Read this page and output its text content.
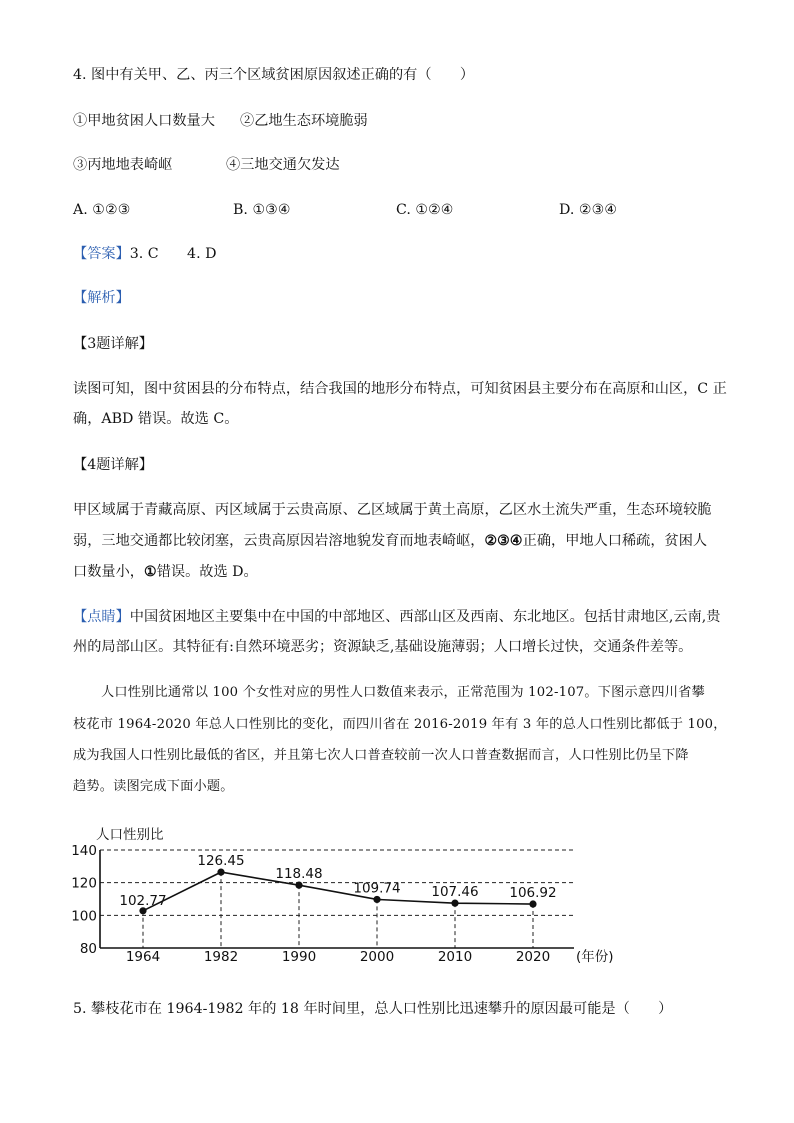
4. 图中有关甲、乙、丙三个区域贫困原因叙述正确的有（　　）
①甲地贫困人口数量大 ②乙地生态环境脆弱
③丙地地表崎岖	④三地交通欠发达
A. ①②③	B. ①③④	C. ①②④	D. ②③④
【答案】3. C　　4. D
【解析】
【3题详解】
读图可知，图中贫困县的分布特点，结合我国的地形分布特点，可知贫困县主要分布在高原和山区，C 正
确，ABD 错误。故选 C。
【4题详解】
甲区域属于青藏高原、丙区域属于云贵高原、乙区域属于黄土高原，乙区水土流失严重，生态环境较脆
弱，三地交通都比较闭塞，云贵高原因岩溶地貌发育而地表崎岖，②③④正确，甲地人口稀疏，贫困人
口数量小，①错误。故选 D。
【点睛】中国贫困地区主要集中在中国的中部地区、西部山区及西南、东北地区。包括甘肃地区,云南,贵
州的局部山区。其特征有:自然环境恶劣；资源缺乏,基础设施薄弱；人口增长过快，交通条件差等。
人口性别比通常以 100 个女性对应的男性人口数值来表示，正常范围为 102-107。下图示意四川省攀
枝花市 1964-2020 年总人口性别比的变化，而四川省在 2016-2019 年有 3 年的总人口性别比都低于 100，
成为我国人口性别比最低的省区，并且第七次人口普查较前一次人口普查数据而言，人口性别比仍呈下降
趋势。读图完成下面小题。
人口性别比
80
100
120
140
1964	1982	1990	2000	2010	2020
102.77
126.45
118.48
109.74 107.46 106.92
(年份)
5. 攀枝花市在 1964-1982 年的 18 年时间里，总人口性别比迅速攀升的原因最可能是（　　）
